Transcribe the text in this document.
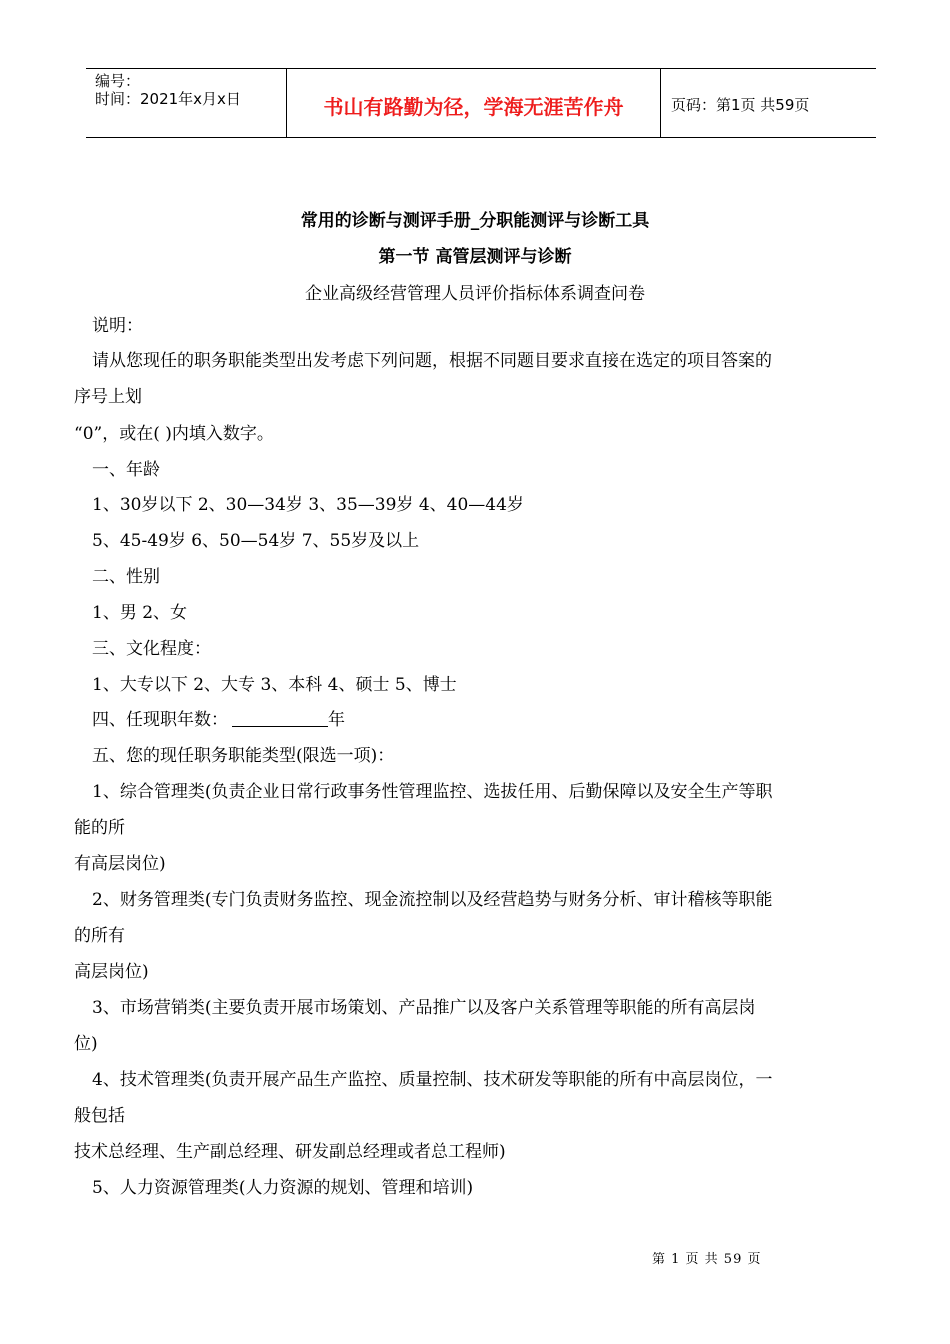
编号：
时间：2021年x月x日	书山有路勤为径，学海无涯苦作舟	页码：第1页 共59页
常用的诊断与测评手册_分职能测评与诊断工具
第一节 高管层测评与诊断
企业高级经营管理人员评价指标体系调查问卷
说明：
请从您现任的职务职能类型出发考虑下列问题，根据不同题目要求直接在选定的项目答案的
序号上划
“0”，或在( )内填入数字。
一、年龄
1、30岁以下 2、30—34岁 3、35—39岁 4、40—44岁
5、45-49岁 6、50—54岁 7、55岁及以上
二、性别
1、男 2、女
三、文化程度：
1、大专以下 2、大专 3、本科 4、硕士 5、博士
四、任现职年数：	年
五、您的现任职务职能类型(限选一项)：
1、综合管理类(负责企业日常行政事务性管理监控、选拔任用、后勤保障以及安全生产等职
能的所
有高层岗位)
2、财务管理类(专门负责财务监控、现金流控制以及经营趋势与财务分析、审计稽核等职能
的所有
高层岗位)
3、市场营销类(主要负责开展市场策划、产品推广以及客户关系管理等职能的所有高层岗
位)
4、技术管理类(负责开展产品生产监控、质量控制、技术研发等职能的所有中高层岗位，一
般包括
技术总经理、生产副总经理、研发副总经理或者总工程师)
5、人力资源管理类(人力资源的规划、管理和培训)
第 1 页 共 59 页
